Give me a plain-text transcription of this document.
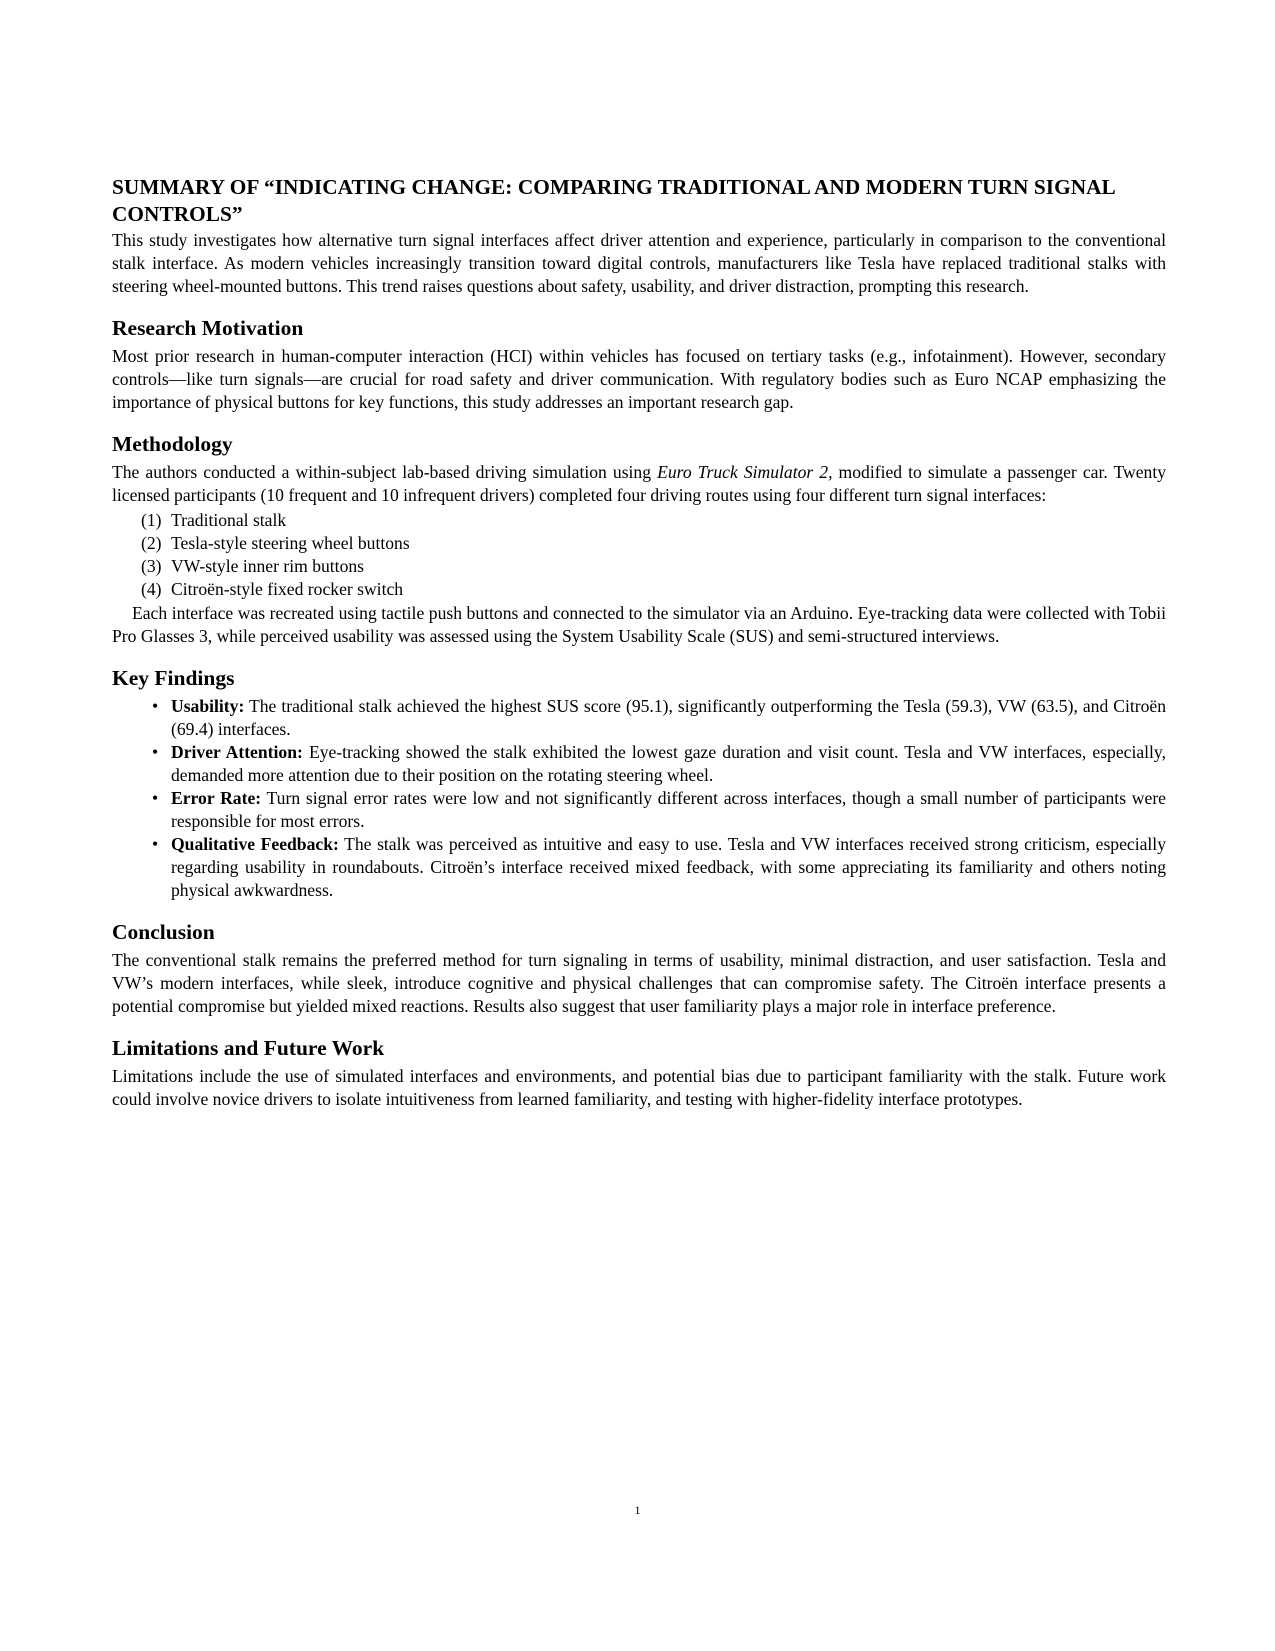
SUMMARY OF “INDICATING CHANGE: COMPARING TRADITIONAL AND MODERN TURN SIGNAL CONTROLS”

This study investigates how alternative turn signal interfaces affect driver attention and experience, particularly in comparison to the conventional stalk interface. As modern vehicles increasingly transition toward digital controls, manufacturers like Tesla have replaced traditional stalks with steering wheel-mounted buttons. This trend raises questions about safety, usability, and driver distraction, prompting this research.

Research Motivation

Most prior research in human-computer interaction (HCI) within vehicles has focused on tertiary tasks (e.g., infotainment). However, secondary controls—like turn signals—are crucial for road safety and driver communication. With regulatory bodies such as Euro NCAP emphasizing the importance of physical buttons for key functions, this study addresses an important research gap.

Methodology

The authors conducted a within-subject lab-based driving simulation using Euro Truck Simulator 2, modified to simulate a passenger car. Twenty licensed participants (10 frequent and 10 infrequent drivers) completed four driving routes using four different turn signal interfaces:

(1) Traditional stalk
(2) Tesla-style steering wheel buttons
(3) VW-style inner rim buttons
(4) Citroën-style fixed rocker switch

Each interface was recreated using tactile push buttons and connected to the simulator via an Arduino. Eye-tracking data were collected with Tobii Pro Glasses 3, while perceived usability was assessed using the System Usability Scale (SUS) and semi-structured interviews.

Key Findings
• Usability: The traditional stalk achieved the highest SUS score (95.1), significantly outperforming the Tesla (59.3), VW (63.5), and Citroën (69.4) interfaces.
• Driver Attention: Eye-tracking showed the stalk exhibited the lowest gaze duration and visit count. Tesla and VW interfaces, especially, demanded more attention due to their position on the rotating steering wheel.
• Error Rate: Turn signal error rates were low and not significantly different across interfaces, though a small number of participants were responsible for most errors.
• Qualitative Feedback: The stalk was perceived as intuitive and easy to use. Tesla and VW interfaces received strong criticism, especially regarding usability in roundabouts. Citroën’s interface received mixed feedback, with some appreciating its familiarity and others noting physical awkwardness.
Conclusion

The conventional stalk remains the preferred method for turn signaling in terms of usability, minimal distraction, and user satisfaction. Tesla and VW’s modern interfaces, while sleek, introduce cognitive and physical challenges that can compromise safety. The Citroën interface presents a potential compromise but yielded mixed reactions. Results also suggest that user familiarity plays a major role in interface preference.

Limitations and Future Work

Limitations include the use of simulated interfaces and environments, and potential bias due to participant familiarity with the stalk. Future work could involve novice drivers to isolate intuitiveness from learned familiarity, and testing with higher-fidelity interface prototypes.

1
